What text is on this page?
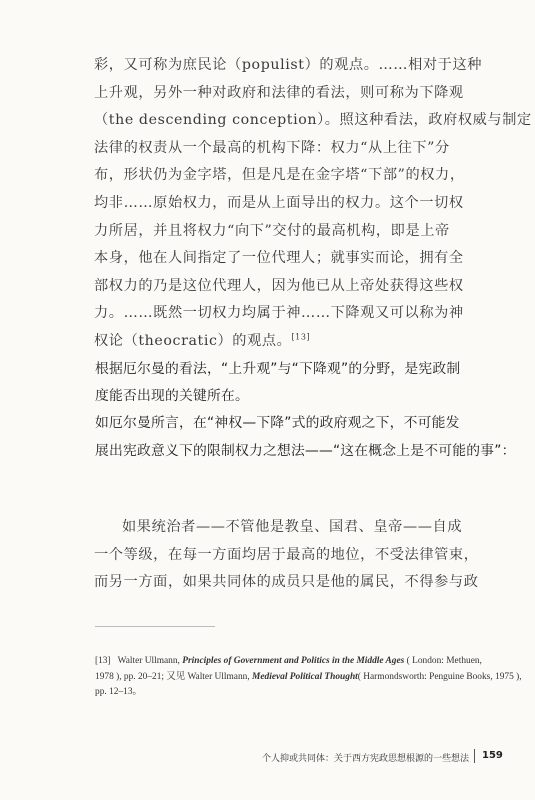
彩，又可称为庶民论（populist）的观点。……相对于这种
上升观，另外一种对政府和法律的看法，则可称为下降观
（the descending conception）。照这种看法，政府权威与制定
法律的权责从一个最高的机构下降：权力“从上往下”分
布，形状仍为金字塔，但是凡是在金字塔“下部”的权力，
均非……原始权力，而是从上面导出的权力。这个一切权
力所居，并且将权力“向下”交付的最高机构，即是上帝
本身，他在人间指定了一位代理人；就事实而论，拥有全
部权力的乃是这位代理人，因为他已从上帝处获得这些权
力。……既然一切权力均属于神……下降观又可以称为神
权论（theocratic）的观点。[13]
根据厄尔曼的看法，“上升观”与“下降观”的分野，是宪政制
度能否出现的关键所在。
如厄尔曼所言，在“神权—下降”式的政府观之下，不可能发
展出宪政意义下的限制权力之想法——“这在概念上是不可能的事”：
如果统治者——不管他是教皇、国君、皇帝——自成
一个等级，在每一方面均居于最高的地位，不受法律管束，
而另一方面，如果共同体的成员只是他的属民，不得参与政
[13] Walter Ullmann, Principles of Government and Politics in the Middle Ages ( London: Methuen,
1978 ), pp. 20–21; 又见 Walter Ullmann, Medieval Political Thought( Harmondsworth: Penguine Books, 1975 ),
pp. 12–13。
个人抑或共同体：关于西方宪政思想根源的一些想法 159
